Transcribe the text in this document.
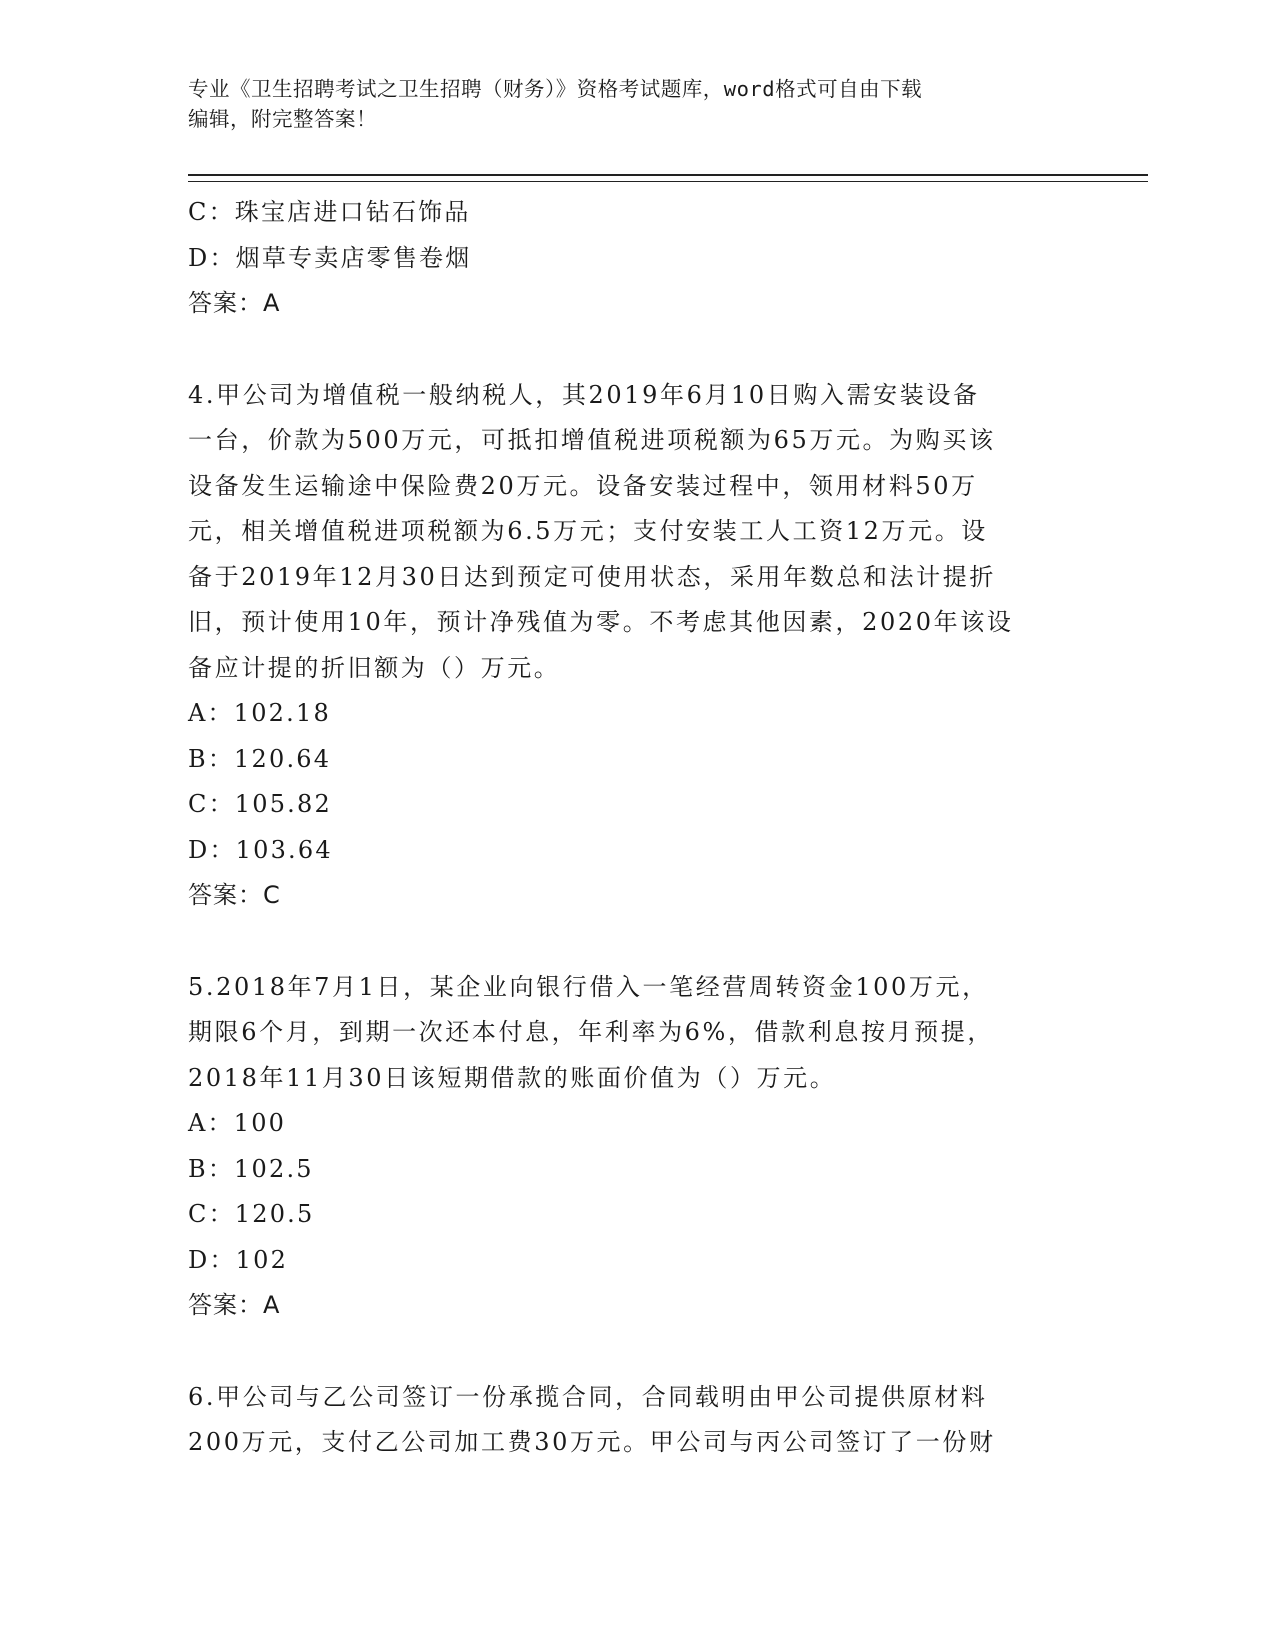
专业《卫生招聘考试之卫生招聘（财务）》资格考试题库，word格式可自由下载
编辑，附完整答案！
C：珠宝店进口钻石饰品
D：烟草专卖店零售卷烟
答案：A
4.甲公司为增值税一般纳税人，其2019年6月10日购入需安装设备
一台，价款为500万元，可抵扣增值税进项税额为65万元。为购买该
设备发生运输途中保险费20万元。设备安装过程中，领用材料50万
元，相关增值税进项税额为6.5万元；支付安装工人工资12万元。设
备于2019年12月30日达到预定可使用状态，采用年数总和法计提折
旧，预计使用10年，预计净残值为零。不考虑其他因素，2020年该设
备应计提的折旧额为（）万元。
A：102.18
B：120.64
C：105.82
D：103.64
答案：C
5.2018年7月1日，某企业向银行借入一笔经营周转资金100万元，
期限6个月，到期一次还本付息，年利率为6%，借款利息按月预提，
2018年11月30日该短期借款的账面价值为（）万元。
A：100
B：102.5
C：120.5
D：102
答案：A
6.甲公司与乙公司签订一份承揽合同，合同载明由甲公司提供原材料
200万元，支付乙公司加工费30万元。甲公司与丙公司签订了一份财
